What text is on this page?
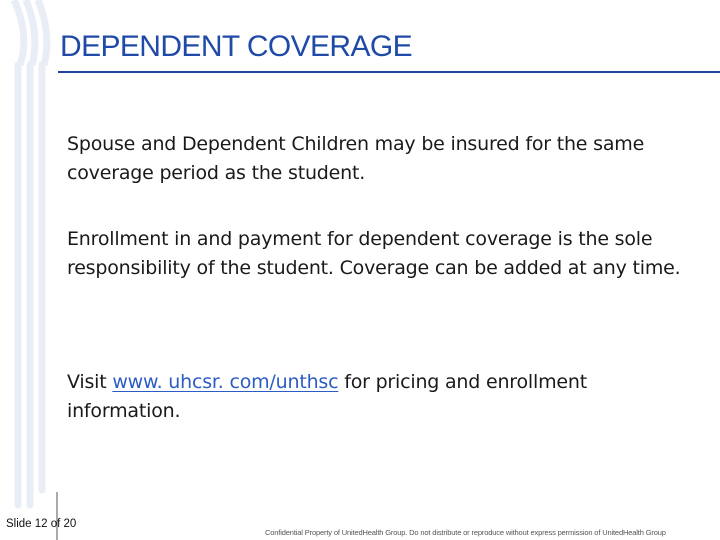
DEPENDENT COVERAGE

Spouse and Dependent Children may be insured for the same coverage period as the student.

Enrollment in and payment for dependent coverage is the sole responsibility of the student. Coverage can be added at any time.

Visit www. uhcsr. com/unthsc for pricing and enrollment information.

Slide 12 of 20
Confidential Property of UnitedHealth Group. Do not distribute or reproduce without express permission of UnitedHealth Group
